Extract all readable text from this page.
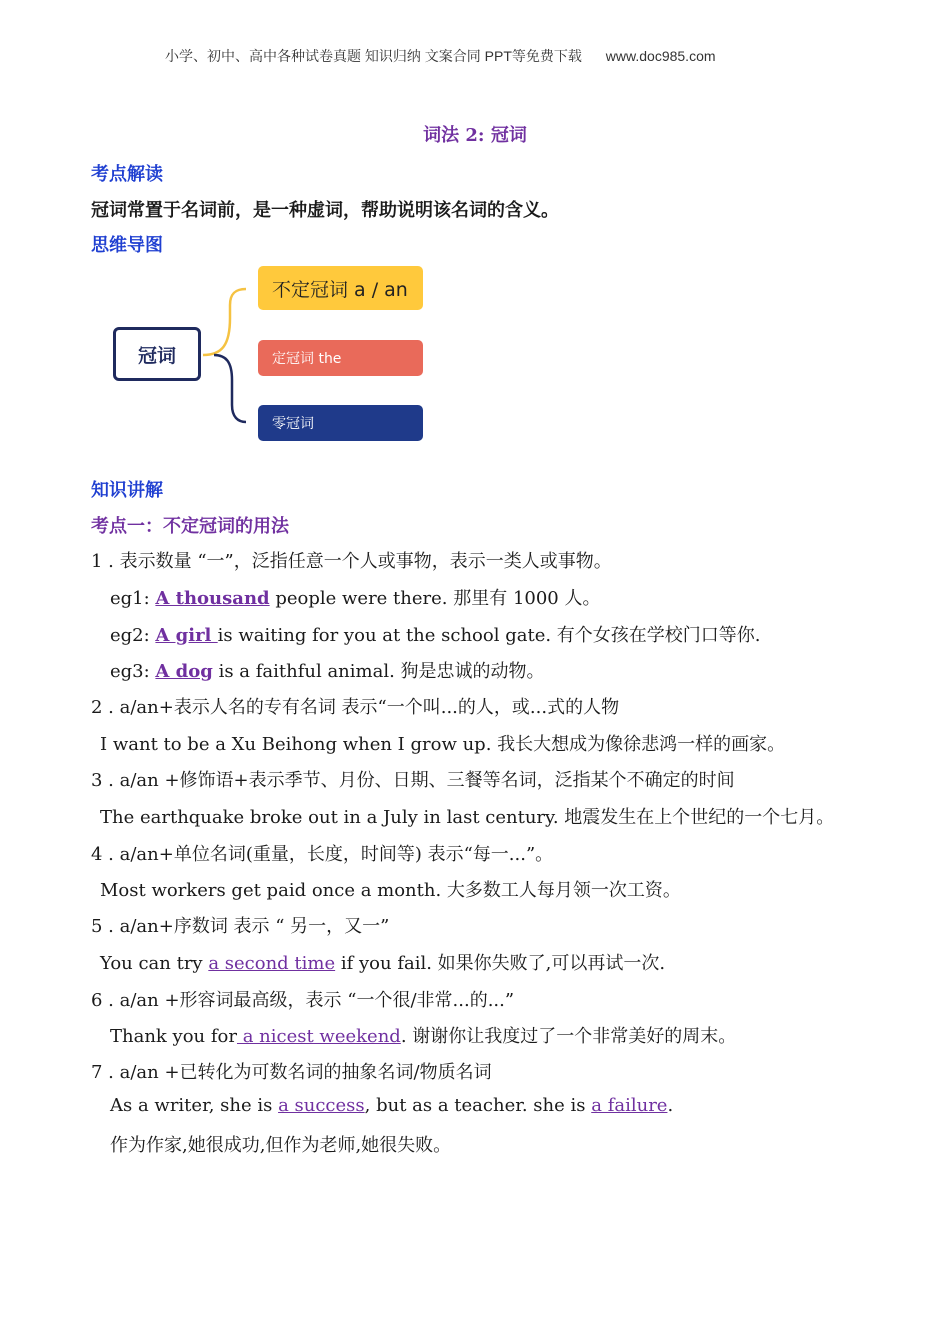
小学、初中、高中各种试卷真题 知识归纳 文案合同 PPT等免费下载 www.doc985.com
词法 2: 冠词
考点解读
冠词常置于名词前，是一种虚词，帮助说明该名词的含义。
思维导图
冠词
不定冠词 a / an
定冠词 the
零冠词
知识讲解
考点一：不定冠词的用法
1 . 表示数量 “一”，泛指任意一个人或事物，表示一类人或事物。
eg1: A thousand people were there. 那里有 1000 人。
eg2: A girl is waiting for you at the school gate. 有个女孩在学校门口等你.
eg3: A dog is a faithful animal. 狗是忠诚的动物。
2 . a/an+表示人名的专有名词 表示“一个叫...的人，或...式的人物
I want to be a Xu Beihong when I grow up. 我长大想成为像徐悲鸿一样的画家。
3 . a/an +修饰语+表示季节、月份、日期、三餐等名词，泛指某个不确定的时间
The earthquake broke out in a July in last century. 地震发生在上个世纪的一个七月。
4 . a/an+单位名词(重量，长度，时间等) 表示“每一...”。
Most workers get paid once a month. 大多数工人每月领一次工资。
5 . a/an+序数词 表示 “ 另一，又一”
You can try a second time if you fail. 如果你失败了,可以再试一次.
6 . a/an +形容词最高级，表示 “一个很/非常...的...”
Thank you for a nicest weekend. 谢谢你让我度过了一个非常美好的周末。
7 . a/an +已转化为可数名词的抽象名词/物质名词
As a writer, she is a success, but as a teacher. she is a failure.
作为作家,她很成功,但作为老师,她很失败。
